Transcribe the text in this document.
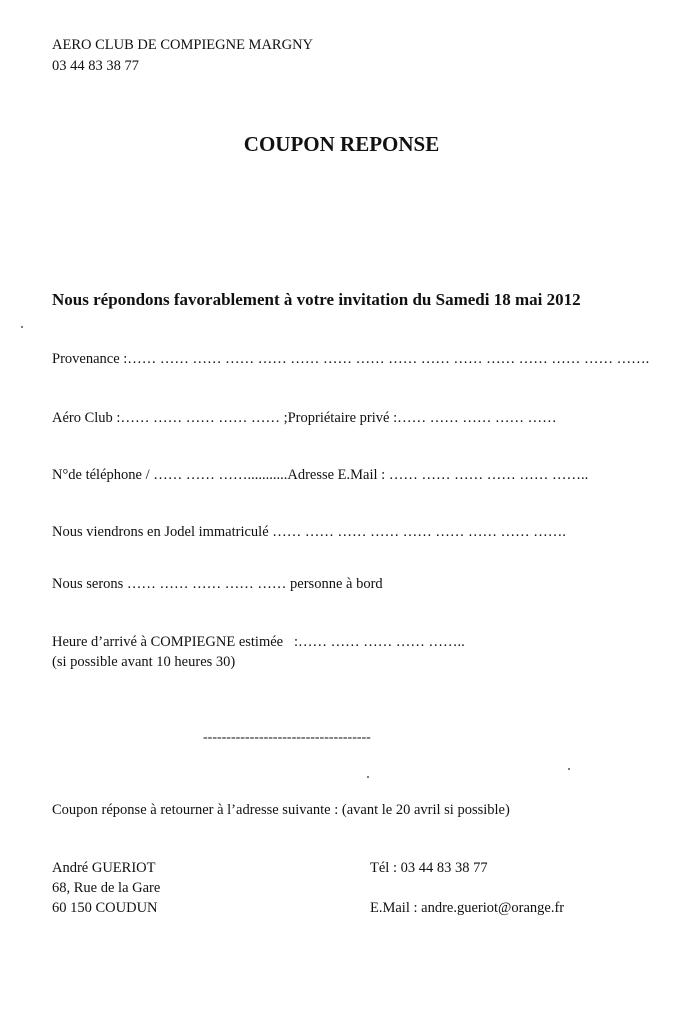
AERO CLUB DE COMPIEGNE MARGNY
03 44 83 38 77
COUPON REPONSE
Nous répondons favorablement à votre invitation du Samedi 18 mai 2012
Provenance :…… …… …… …… …… …… …… …… …… …… …… …… …… …… …… …….
Aéro Club :…… …… …… …… …… ;Propriétaire privé :…… …… …… …… ……
N°de téléphone / …… …… ……...........Adresse E.Mail : …… …… …… …… …… ……..
Nous viendrons en Jodel immatriculé …… …… …… …… …… …… …… …… …….
Nous serons …… …… …… …… …… personne à bord
Heure d’arrivé à COMPIEGNE estimée   :…… …… …… …… ……..
(si possible avant 10 heures 30)
------------------------------------
Coupon réponse à retourner à l’adresse suivante : (avant le 20 avril si possible)
André GUERIOT
68, Rue de la Gare
60 150 COUDUN
Tél : 03 44 83 38 77
E.Mail : andre.gueriot@orange.fr
